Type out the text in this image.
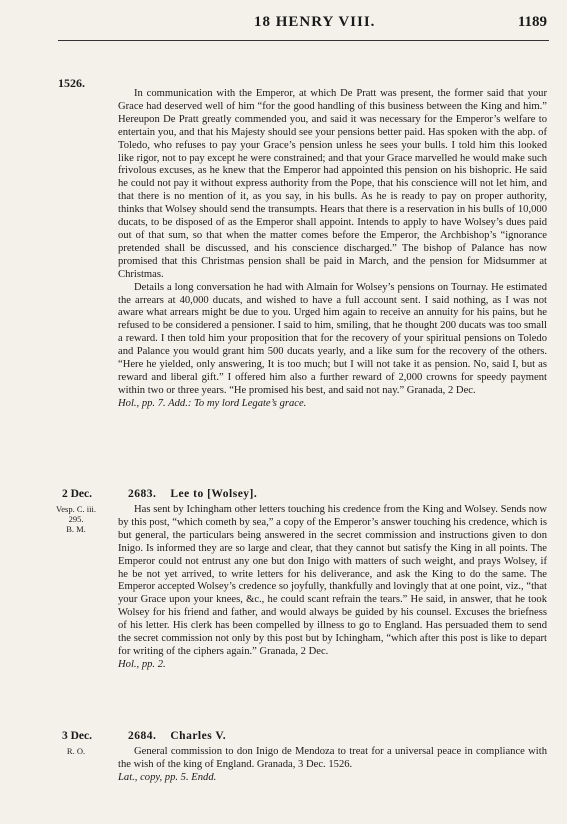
18 HENRY VIII.	1189
1526.

In communication with the Emperor, at which De Pratt was present, the former said that your Grace had deserved well of him “for the good handling of this business between the King and him.” Hereupon De Pratt greatly commended you, and said it was necessary for the Emperor’s welfare to entertain you, and that his Majesty should see your pensions better paid. Has spoken with the abp. of Toledo, who refuses to pay your Grace’s pension unless he sees your bulls. I told him this looked like rigor, not to pay except he were constrained; and that your Grace marvelled he would make such frivolous excuses, as he knew that the Emperor had appointed this pension on his bishopric. He said he could not pay it without express authority from the Pope, that his conscience will not let him, and that there is no mention of it, as you say, in his bulls. As he is ready to pay on proper authority, thinks that Wolsey should send the transumpts. Hears that there is a reservation in his bulls of 10,000 ducats, to be disposed of as the Emperor shall appoint. Intends to apply to have Wolsey’s dues paid out of that sum, so that when the matter comes before the Emperor, the Archbishop’s “ignorance pretended shall be discussed, and his conscience discharged.” The bishop of Palance has now promised that this Christmas pension shall be paid in March, and the pension for Midsummer at Christmas.

Details a long conversation he had with Almain for Wolsey’s pensions on Tournay. He estimated the arrears at 40,000 ducats, and wished to have a full account sent. I said nothing, as I was not aware what arrears might be due to you. Urged him again to receive an annuity for his pains, but he refused to be considered a pensioner. I said to him, smiling, that he thought 200 ducats was too small a reward. I then told him your proposition that for the recovery of your spiritual pensions on Toledo and Palance you would grant him 500 ducats yearly, and a like sum for the recovery of the others. “Here he yielded, only answering, It is too much; but I will not take it as pension. No, said I, but as reward and liberal gift.” I offered him also a further reward of 2,000 crowns for speedy payment within two or three years. “He promised his best, and said not nay.” Granada, 2 Dec.

Hol., pp. 7. Add.: To my lord Legate’s grace.

2 Dec.	2683. Lee to [Wolsey].
Vesp. C. iii.
295.
B. M.

Has sent by Ichingham other letters touching his credence from the King and Wolsey. Sends now by this post, “which cometh by sea,” a copy of the Emperor’s answer touching his credence, which is but general, the particulars being answered in the secret commission and instructions given to don Inigo. Is informed they are so large and clear, that they cannot but satisfy the King in all points. The Emperor could not entrust any one but don Inigo with matters of such weight, and prays Wolsey, if he be not yet arrived, to write letters for his deliverance, and ask the King to do the same. The Emperor accepted Wolsey’s credence so joyfully, thankfully and lovingly that at one point, viz., “that your Grace upon your knees, &c., he could scant refrain the tears.” He said, in answer, that he took Wolsey for his friend and father, and would always be guided by his counsel. Excuses the briefness of his letter. His clerk has been compelled by illness to go to England. Has persuaded them to send the secret commission not only by this post but by Ichingham, “which after this post is like to depart for writing of the ciphers again.” Granada, 2 Dec.

Hol., pp. 2.

3 Dec.	2684. Charles V.
R. O.	General commission to don Inigo de Mendoza to treat for a universal peace in compliance with the wish of the king of England. Granada, 3 Dec. 1526.

Lat., copy, pp. 5. Endd.
